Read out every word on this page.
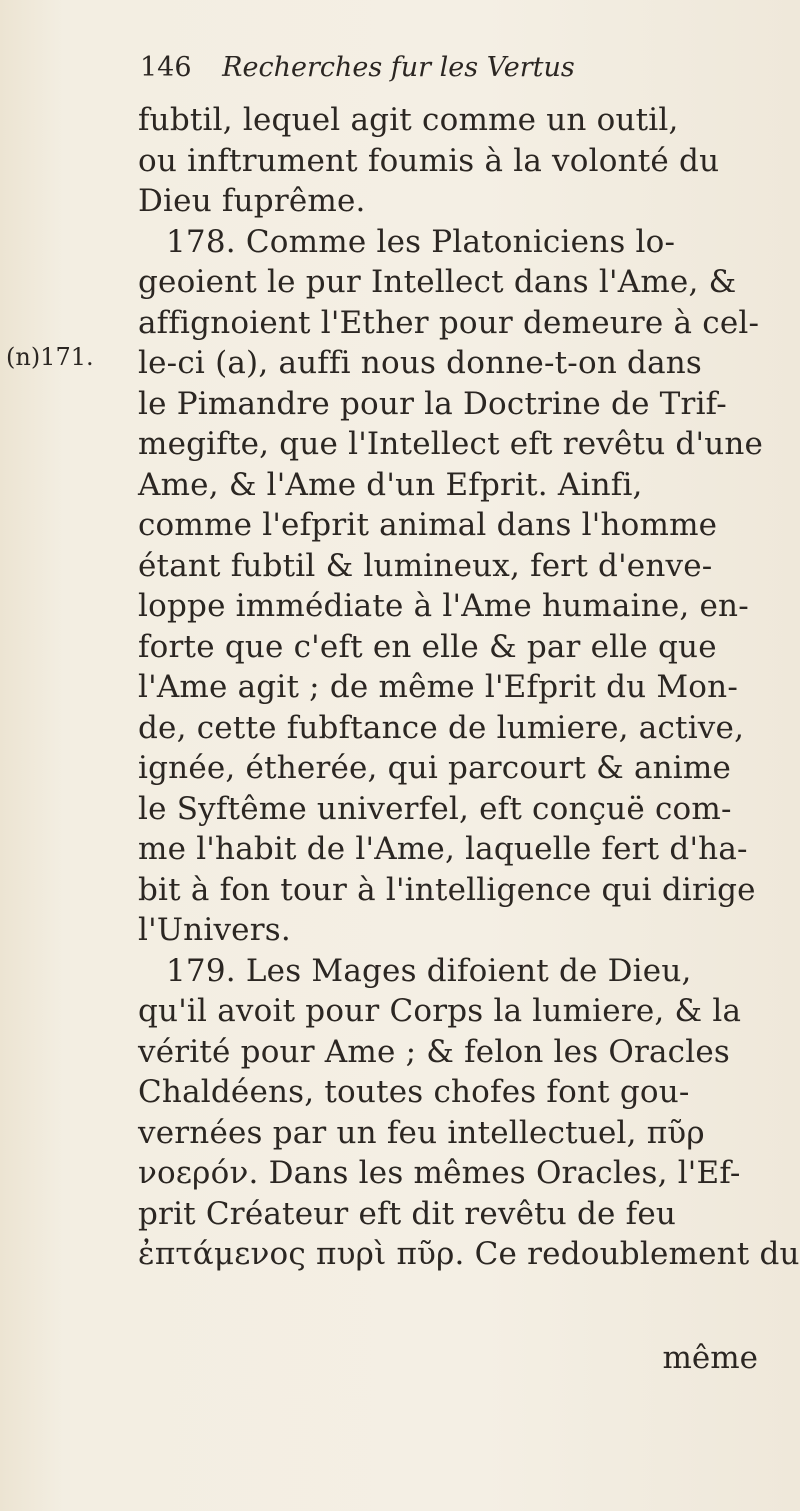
146 Recherches fur les Vertus
(n)171.
fubtil, lequel agit comme un outil,
ou inftrument foumis à la volonté du
Dieu fuprême.
178. Comme les Platoniciens lo-
geoient le pur Intellect dans l'Ame, &
affignoient l'Ether pour demeure à cel-
le-ci (a), auffi nous donne-t-on dans
le Pimandre pour la Doctrine de Trif-
megifte, que l'Intellect eft revêtu d'une
Ame, & l'Ame d'un Efprit. Ainfi,
comme l'efprit animal dans l'homme
étant fubtil & lumineux, fert d'enve-
loppe immédiate à l'Ame humaine, en-
forte que c'eft en elle & par elle que
l'Ame agit ; de même l'Efprit du Mon-
de, cette fubftance de lumiere, active,
ignée, étherée, qui parcourt & anime
le Syftême univerfel, eft conçuë com-
me l'habit de l'Ame, laquelle fert d'ha-
bit à fon tour à l'intelligence qui dirige
l'Univers.
179. Les Mages difoient de Dieu,
qu'il avoit pour Corps la lumiere, & la
vérité pour Ame ; & felon les Oracles
Chaldéens, toutes chofes font gou-
vernées par un feu intellectuel, πῦρ
νοερόν. Dans les mêmes Oracles, l'Ef-
prit Créateur eft dit revêtu de feu
ἐπτάμενος πυρὶ πῦρ. Ce redoublement du
même
